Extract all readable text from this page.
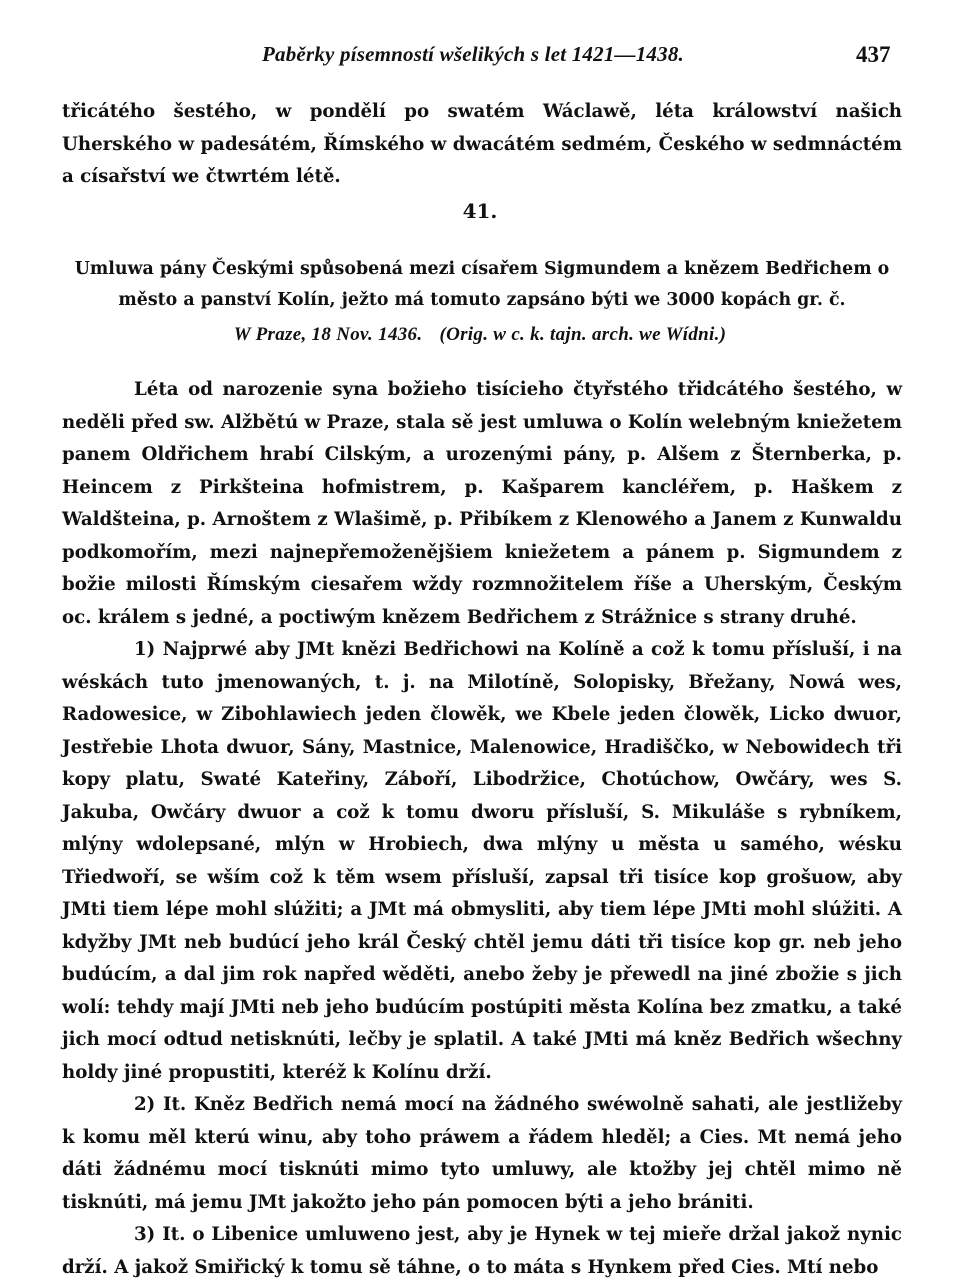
Paběrky písemností wšelikých s let 1421—1438.	437

třicátého šestého, w pondělí po swatém Wáclawě, léta králowství našich Uherského w padesátém, Římského w dwacátém sedmém, Českého w sedmnáctém a císařství we čtwrtém létě.

41.
Umluwa pány Českými spůsobená mezi císařem Sigmundem a knězem Bedřichem o město a panství Kolín, ježto má tomuto zapsáno býti we 3000 kopách gr. č.
W Praze, 18 Nov. 1436. (Orig. w c. k. tajn. arch. we Wídni.)

Léta od narozenie syna božieho tisícieho čtyřstého třidcátého šestého, w neděli před sw. Alžbětú w Praze, stala sě jest umluwa o Kolín welebným kniežetem panem Oldřichem hrabí Cilským, a urozenými pány, p. Alšem z Šternberka, p. Heincem z Pirkšteina hofmistrem, p. Kašparem kancléřem, p. Haškem z Waldšteina, p. Arnoštem z Wlašimě, p. Přibíkem z Klenowého a Janem z Kunwaldu podkomořím, mezi najnepřemoženějšiem kniežetem a pánem p. Sigmundem z božie milosti Římským ciesařem wždy rozmnožitelem říše a Uherským, Českým oc. králem s jedné, a poctiwým knězem Bedřichem z Strážnice s strany druhé.

1) Najprwé aby JMt knězi Bedřichowi na Kolíně a což k tomu přísluší, i na wéskách tuto jmenowaných, t. j. na Milotíně, Solopisky, Břežany, Nowá wes, Radowesice, w Zibohlawiech jeden člowěk, we Kbele jeden člowěk, Licko dwuor, Jestřebie Lhota dwuor, Sány, Mastnice, Malenowice, Hradiščko, w Nebowidech tři kopy platu, Swaté Kateřiny, Záboří, Libodržice, Chotúchow, Owčáry, wes S. Jakuba, Owčáry dwuor a což k tomu dworu přísluší, S. Mikuláše s rybníkem, mlýny wdolepsané, mlýn w Hrobiech, dwa mlýny u města u samého, wésku Třiedwoří, se wším což k těm wsem přísluší, zapsal tři tisíce kop grošuow, aby JMti tiem lépe mohl slúžiti; a JMt má obmysliti, aby tiem lépe JMti mohl slúžiti. A kdyžby JMt neb budúcí jeho král Český chtěl jemu dáti tři tisíce kop gr. neb jeho budúcím, a dal jim rok napřed wěděti, anebo žeby je přewedl na jiné zbožie s jich wolí: tehdy mají JMti neb jeho budúcím postúpiti města Kolína bez zmatku, a také jich mocí odtud netisknúti, lečby je splatil. A také JMti má kněz Bedřich wšechny holdy jiné propustiti, kteréž k Kolínu drží.

2) It. Kněz Bedřich nemá mocí na žádného swéwolně sahati, ale jestližeby k komu měl kterú winu, aby toho práwem a řádem hleděl; a Cies. Mt nemá jeho dáti žádnému mocí tisknúti mimo tyto umluwy, ale ktožby jej chtěl mimo ně tisknúti, má jemu JMt jakožto jeho pán pomocen býti a jeho brániti.

3) It. o Libenice umluweno jest, aby je Hynek w tej mieře držal jakož nynic drží. A jakož Smiřický k tomu sě táhne, o to máta s Hynkem před Cies. Mtí nebo
